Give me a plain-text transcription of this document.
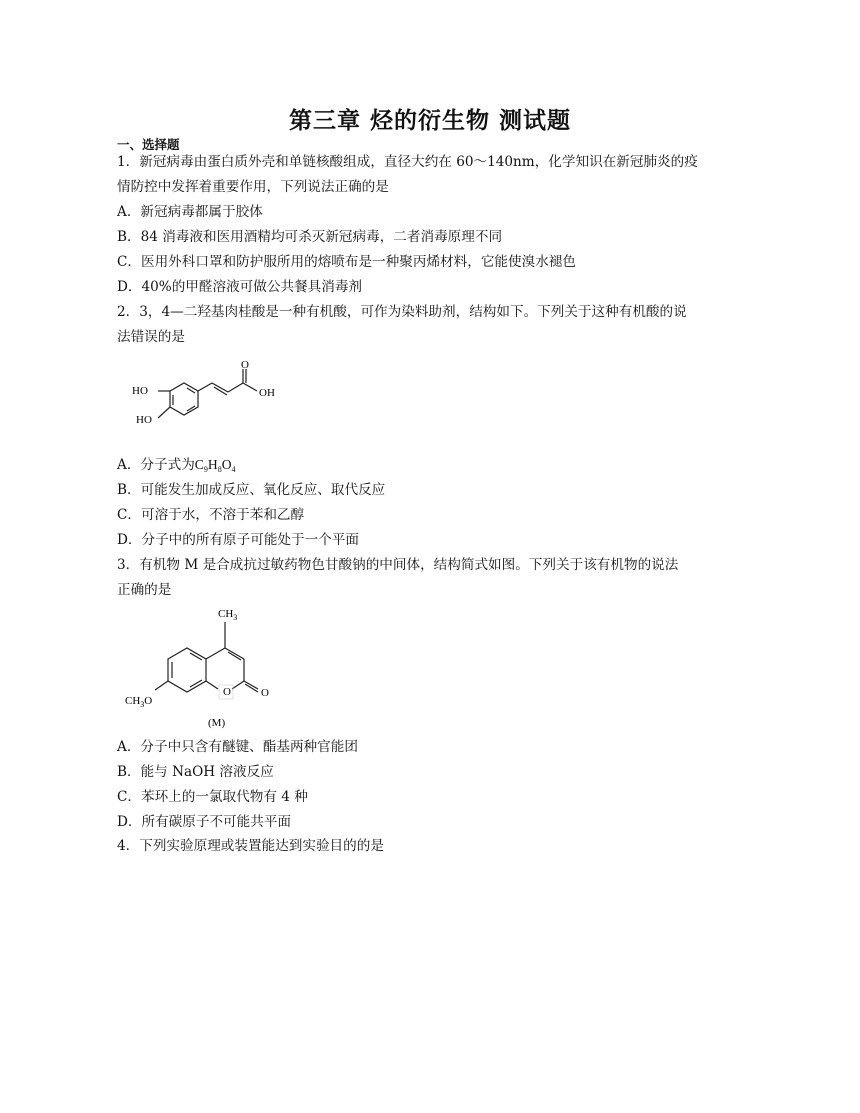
第三章 烃的衍生物 测试题
一、选择题
1．新冠病毒由蛋白质外壳和单链核酸组成，直径大约在 60～140nm，化学知识在新冠肺炎的疫
情防控中发挥着重要作用，下列说法正确的是
A．新冠病毒都属于胶体
B．84 消毒液和医用酒精均可杀灭新冠病毒，二者消毒原理不同
C．医用外科口罩和防护服所用的熔喷布是一种聚丙烯材料，它能使溴水褪色
D．40%的甲醛溶液可做公共餐具消毒剂
2．3，4—二羟基肉桂酸是一种有机酸，可作为染料助剂，结构如下。下列关于这种有机酸的说
法错误的是
HO
HO
O
OH
A．分子式为$C_9H_8O_4$
B．可能发生加成反应、氧化反应、取代反应
C．可溶于水，不溶于苯和乙醇
D．分子中的所有原子可能处于一个平面
3．有机物 M 是合成抗过敏药物色甘酸钠的中间体，结构简式如图。下列关于该有机物的说法
正确的是
O	O
$CH_3$
$CH_3O$
(M)
A．分子中只含有醚键、酯基两种官能团
B．能与 NaOH 溶液反应
C．苯环上的一氯取代物有 4 种
D．所有碳原子不可能共平面
4．下列实验原理或装置能达到实验目的的是
